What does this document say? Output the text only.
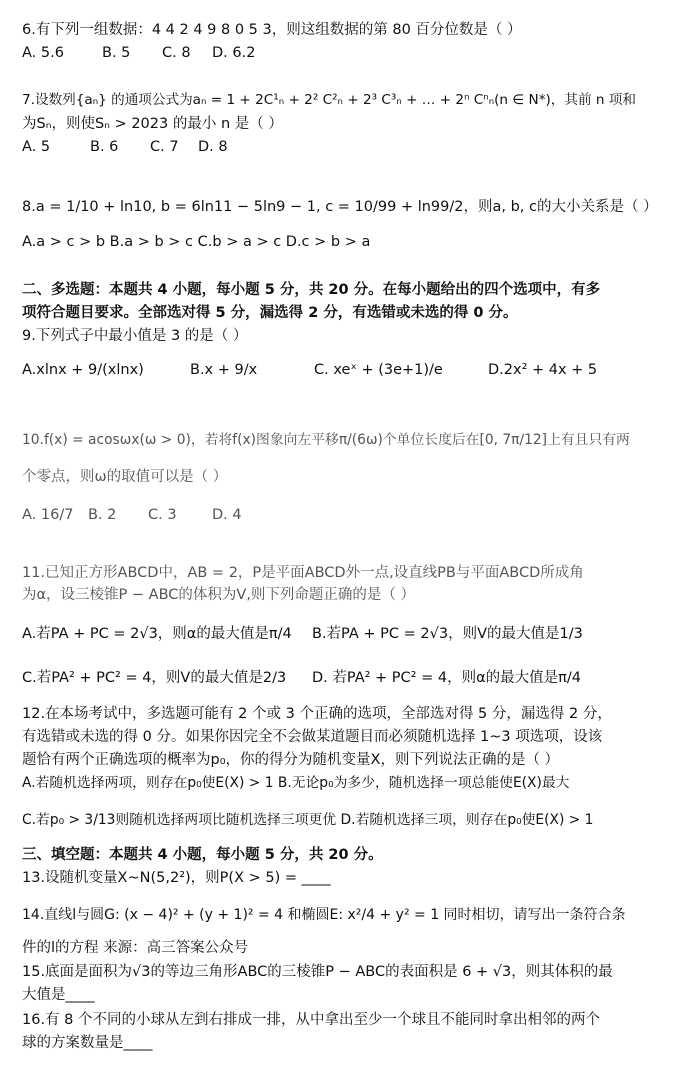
6.有下列一组数据：4 4 2 4 9 8 0 5 3，则这组数据的第 80 百分位数是（ ）
A. 5.6	B. 5 C. 8 D. 6.2
7.设数列{aₙ} 的通项公式为aₙ = 1 + 2C¹ₙ + 2² C²ₙ + 2³ C³ₙ + … + 2ⁿ Cⁿₙ(n ∈ N*)，其前 n 项和
为Sₙ，则使Sₙ > 2023 的最小 n 是（ ）
A. 5	B. 6 C. 7 D. 8
8.a = 1/10 + ln10, b = 6ln11 − 5ln9 − 1, c = 10/99 + ln99/2，则a, b, c的大小关系是（ ）
A.a > c > b B.a > b > c C.b > a > c D.c > b > a
二、多选题：本题共 4 小题，每小题 5 分，共 20 分。在每小题给出的四个选项中，有多
项符合题目要求。全部选对得 5 分，漏选得 2 分，有选错或未选的得 0 分。
9.下列式子中最小值是 3 的是（ ）
A.xlnx + 9/(xlnx)	B.x + 9/x	C. xeˣ + (3e+1)/e	D.2x² + 4x + 5
10.f(x) = acosωx(ω > 0)，若将f(x)图象向左平移π/(6ω)个单位长度后在[0, 7π/12]上有且只有两
个零点，则ω的取值可以是（ ）
A. 16/7 B. 2 C. 3 D. 4
11.已知正方形ABCD中，AB = 2，P是平面ABCD外一点,设直线PB与平面ABCD所成角
为α，设三棱锥P − ABC的体积为V,则下列命题正确的是（ ）
A.若PA + PC = 2√3，则α的最大值是π/4 B.若PA + PC = 2√3，则V的最大值是1/3
C.若PA² + PC² = 4，则V的最大值是2/3 D. 若PA² + PC² = 4，则α的最大值是π/4
12.在本场考试中，多选题可能有 2 个或 3 个正确的选项，全部选对得 5 分，漏选得 2 分，
有选错或未选的得 0 分。如果你因完全不会做某道题目而必须随机选择 1~3 项选项，设该
题恰有两个正确选项的概率为p₀，你的得分为随机变量X，则下列说法正确的是（ ）
A.若随机选择两项，则存在p₀使E(X) > 1 B.无论p₀为多少，随机选择一项总能使E(X)最大
C.若p₀ > 3/13则随机选择两项比随机选择三项更优 D.若随机选择三项，则存在p₀使E(X) > 1
三、填空题：本题共 4 小题，每小题 5 分，共 20 分。
13.设随机变量X~N(5,2²)，则P(X > 5) = ____
14.直线l与圆G: (x − 4)² + (y + 1)² = 4 和椭圆E: x²/4 + y² = 1 同时相切，请写出一条符合条
件的l的方程 来源：高三答案公众号
15.底面是面积为√3的等边三角形ABC的三棱锥P − ABC的表面积是 6 + √3，则其体积的最
大值是____
16.有 8 个不同的小球从左到右排成一排，从中拿出至少一个球且不能同时拿出相邻的两个
球的方案数量是____
